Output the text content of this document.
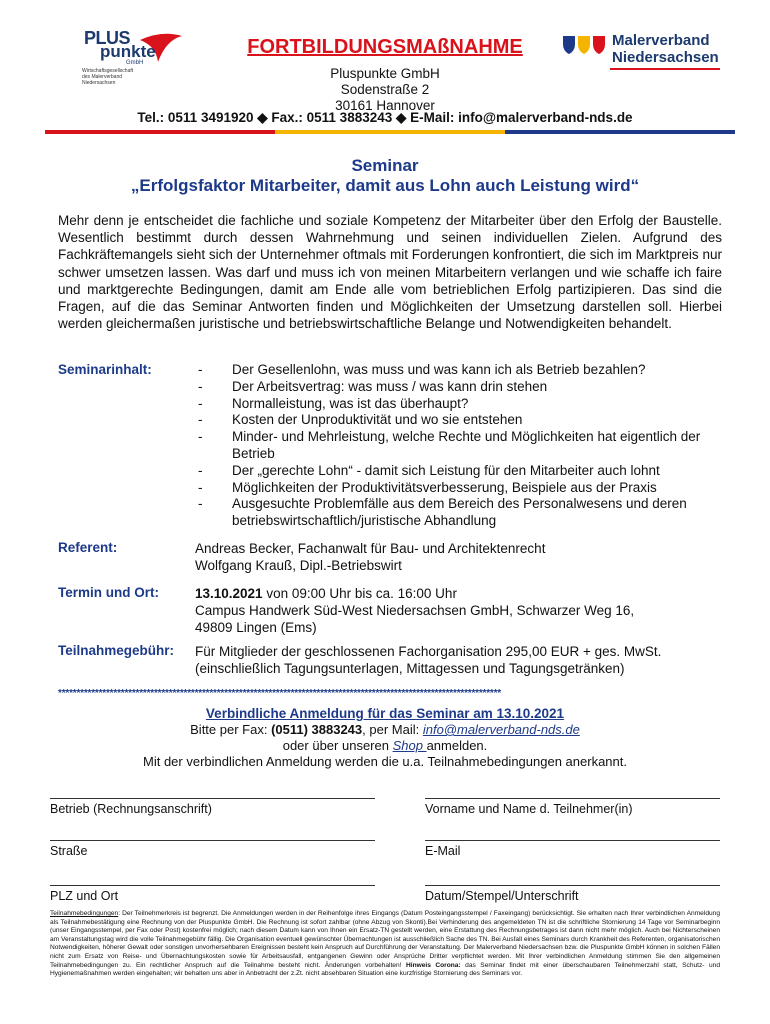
PLUS
punkte
GmbH
Wirtschaftsgesellschaft des Malerverband Niedersachsen
FORTBILDUNGSMAßNAHME
Pluspunkte GmbH
Sodenstraße 2
30161 Hannover
Tel.: 0511 3491920 ◆ Fax.: 0511 3883243 ◆ E-Mail: info@malerverband-nds.de
Malerverband
Niedersachsen
Seminar
„Erfolgsfaktor Mitarbeiter, damit aus Lohn auch Leistung wird“
Mehr denn je entscheidet die fachliche und soziale Kompetenz der Mitarbeiter über den Erfolg der Baustelle. Wesentlich bestimmt durch dessen Wahrnehmung und seinen individuellen Zielen. Aufgrund des Fachkräftemangels sieht sich der Unternehmer oftmals mit Forderungen konfrontiert, die sich im Marktpreis nur schwer umsetzen lassen. Was darf und muss ich von meinen Mitarbeitern verlangen und wie schaffe ich faire und marktgerechte Bedingungen, damit am Ende alle vom betrieblichen Erfolg partizipieren. Das sind die Fragen, auf die das Seminar Antworten finden und Möglichkeiten der Umsetzung darstellen soll. Hierbei werden gleichermaßen juristische und betriebswirtschaftliche Belange und Notwendigkeiten behandelt.
Seminarinhalt:
-	Der Gesellenlohn, was muss und was kann ich als Betrieb bezahlen?
- Der Arbeitsvertrag: was muss / was kann drin stehen
- Normalleistung, was ist das überhaupt?
- Kosten der Unproduktivität und wo sie entstehen
- Minder- und Mehrleistung, welche Rechte und Möglichkeiten hat eigentlich der Betrieb
- Der „gerechte Lohn“ - damit sich Leistung für den Mitarbeiter auch lohnt
- Möglichkeiten der Produktivitätsverbesserung, Beispiele aus der Praxis
- Ausgesuchte Problemfälle aus dem Bereich des Personalwesens und deren betriebswirtschaftlich/juristische Abhandlung
Referent:	Andreas Becker, Fachanwalt für Bau- und Architektenrecht
Wolfgang Krauß, Dipl.-Betriebswirt
Termin und Ort:	13.10.2021 von 09:00 Uhr bis ca. 16:00 Uhr
Campus Handwerk Süd-West Niedersachsen GmbH, Schwarzer Weg 16,
49809 Lingen (Ems)
Teilnahmegebühr: Für Mitglieder der geschlossenen Fachorganisation 295,00 EUR + ges. MwSt.
(einschließlich Tagungsunterlagen, Mittagessen und Tagungsgetränken)
************************************************************************************************************************
Verbindliche Anmeldung für das Seminar am 13.10.2021
Bitte per Fax: (0511) 3883243, per Mail: info@malerverband-nds.de
oder über unseren Shop anmelden.
Mit der verbindlichen Anmeldung werden die u.a. Teilnahmebedingungen anerkannt.
Betrieb (Rechnungsanschrift)	Vorname und Name d. Teilnehmer(in)
Straße	E-Mail
PLZ und Ort	Datum/Stempel/Unterschrift
Teilnahmebedingungen: Der Teilnehmerkreis ist begrenzt. Die Anmeldungen werden in der Reihenfolge ihres Eingangs (Datum Posteingangsstempel / Faxeingang) berücksichtigt. Sie erhalten nach Ihrer verbindlichen Anmeldung als Teilnahmebestätigung eine Rechnung von der Pluspunkte GmbH. Die Rechnung ist sofort zahlbar (ohne Abzug von Skonti).Bei Verhinderung des angemeldeten TN ist die schriftliche Stornierung 14 Tage vor Seminarbeginn (unser Eingangsstempel, per Fax oder Post) kostenfrei möglich; nach diesem Datum kann von Ihnen ein Ersatz-TN gestellt werden, eine Erstattung des Rechnungsbetrages ist dann nicht mehr möglich. Auch bei Nichterscheinen am Veranstaltungstag wird die volle Teilnahmegebühr fällig. Die Organisation eventuell gewünschter Übernachtungen ist ausschließlich Sache des TN. Bei Ausfall eines Seminars durch Krankheit des Referenten, organisatorischen Notwendigkeiten, höherer Gewalt oder sonstigen unvorhersehbaren Ereignissen besteht kein Anspruch auf Durchführung der Veranstaltung. Der Malerverband Niedersachsen bzw. die Pluspunkte GmbH können in solchen Fällen nicht zum Ersatz von Reise- und Übernachtungskosten sowie für Arbeitsausfall, entgangenen Gewinn oder Ansprüche Dritter verpflichtet werden. Mit Ihrer verbindlichen Anmeldung stimmen Sie den allgemeinen Teilnahmebedingungen zu. Ein rechtlicher Anspruch auf die Teilnahme besteht nicht. Änderungen vorbehalten! Hinweis Corona: das Seminar findet mit einer überschaubaren Teilnehmerzahl statt, Schutz- und Hygienemaßnahmen werden eingehalten; wir behalten uns aber in Anbetracht der z.Zt. nicht absehbaren Situation eine kurzfristige Stornierung des Seminars vor.
